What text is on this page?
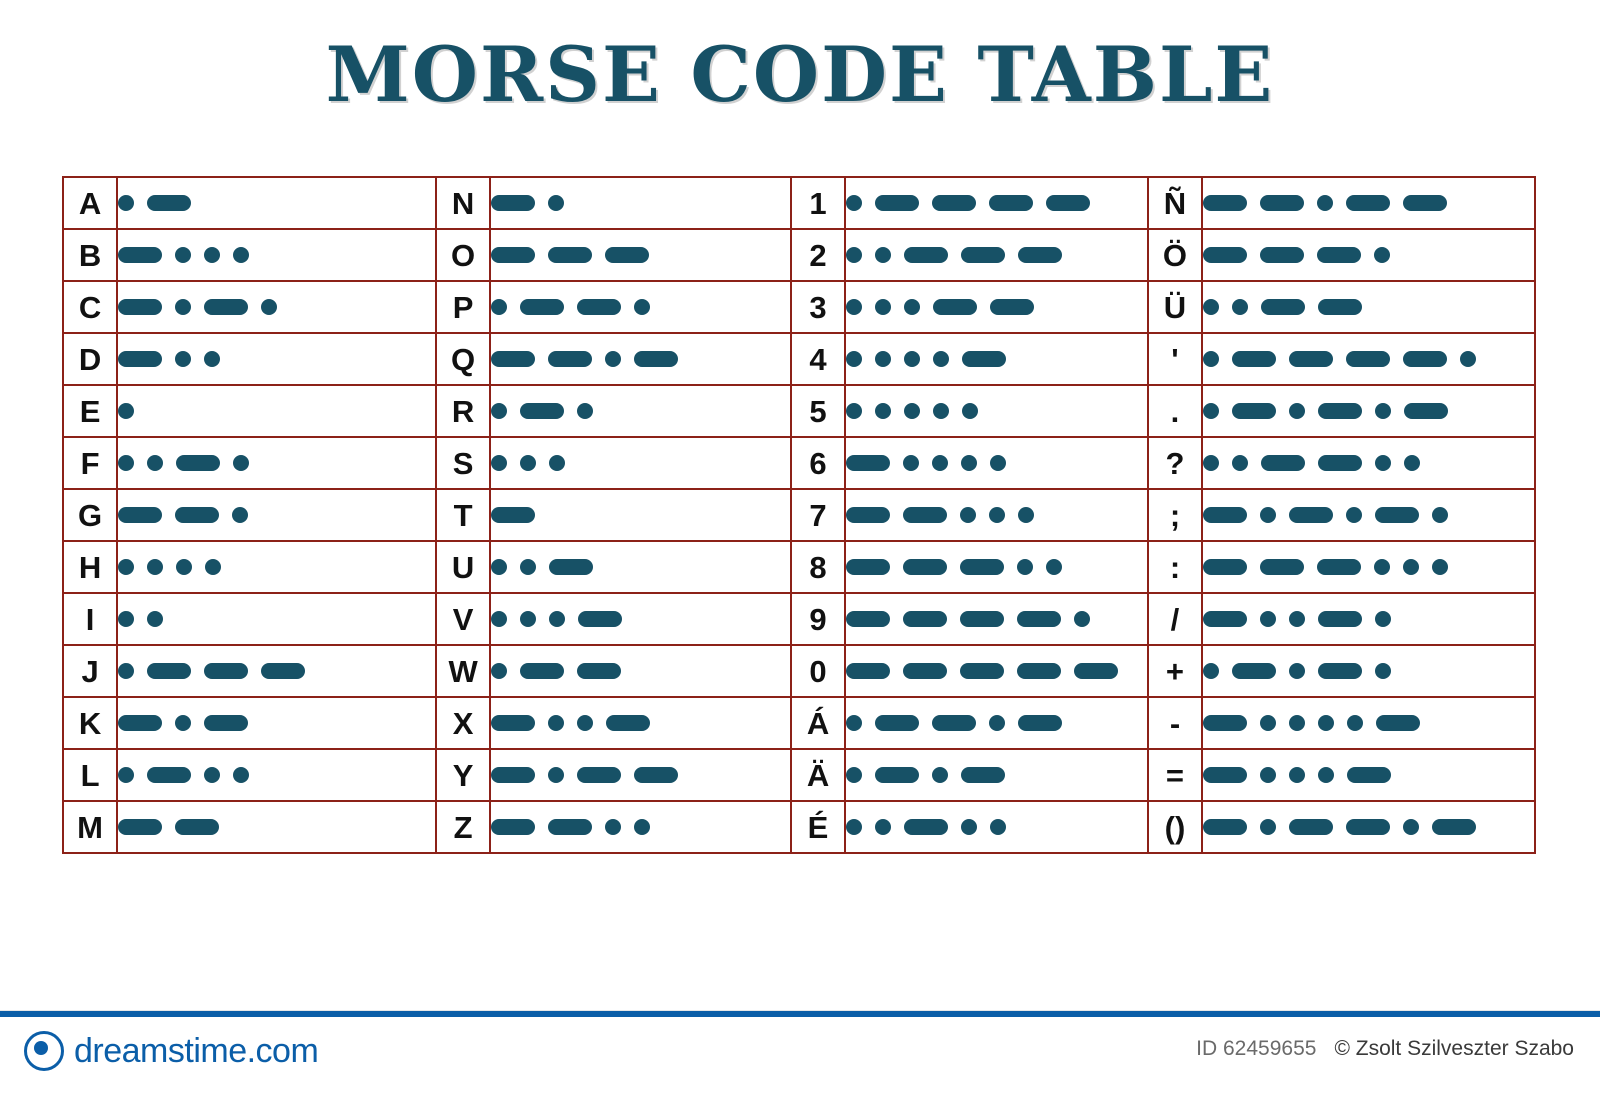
MORSE CODE TABLE
A		N		1		Ñ	

B		O		2		Ö	

C		P		3		Ü	

D		Q		4		'	

E		R		5		.	

F		S		6		?	

G		T		7		;	

H		U		8		:	

I		V		9		/	

J		W		0		+	

K		X		Á		-	

L		Y		Ä		=	

M		Z		É		()	
dreamstime.com	ID 62459655 © Zsolt Szilveszter Szabo
